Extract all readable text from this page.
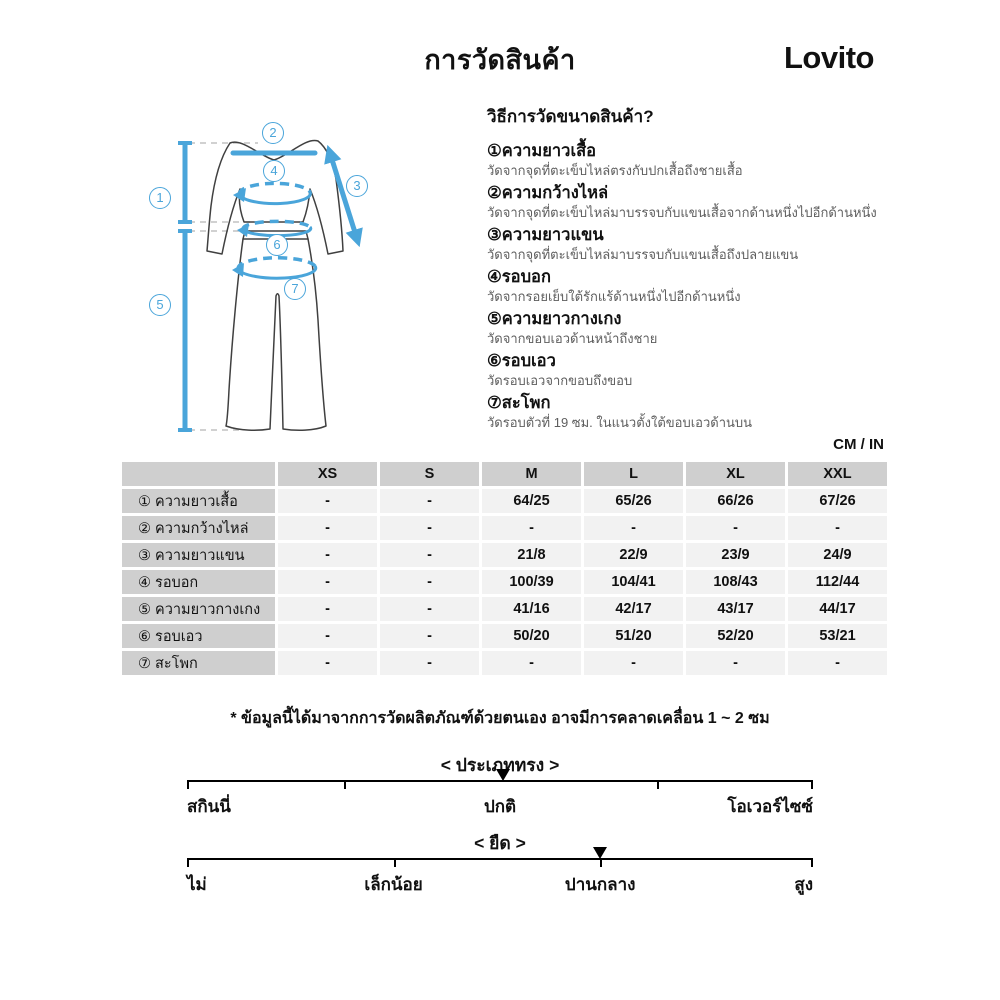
การวัดสินค้า	Lovito
1
2
3
4
5
6
7
วิธีการวัดขนาดสินค้า?
①ความยาวเสื้อ
วัดจากจุดที่ตะเข็บไหล่ตรงกับปกเสื้อถึงชายเสื้อ
②ความกว้างไหล่
วัดจากจุดที่ตะเข็บไหล่มาบรรจบกับแขนเสื้อจากด้านหนึ่งไปอีกด้านหนึ่ง
③ความยาวแขน
วัดจากจุดที่ตะเข็บไหล่มาบรรจบกับแขนเสื้อถึงปลายแขน
④รอบอก
วัดจากรอยเย็บใต้รักแร้ด้านหนึ่งไปอีกด้านหนึ่ง
⑤ความยาวกางเกง
วัดจากขอบเอวด้านหน้าถึงชาย
⑥รอบเอว
วัดรอบเอวจากขอบถึงขอบ
⑦สะโพก
วัดรอบตัวที่ 19 ซม. ในแนวตั้งใต้ขอบเอวด้านบน
CM / IN
	XS	S	M	L	XL	XXL
① ความยาวเสื้อ	-	-	64/25	65/26	66/26	67/26
② ความกว้างไหล่	-	-	-	-	-	-
③ ความยาวแขน	-	-	21/8	22/9	23/9	24/9
④ รอบอก	-	-	100/39	104/41	108/43	112/44
⑤ ความยาวกางเกง	-	-	41/16	42/17	43/17	44/17
⑥ รอบเอว	-	-	50/20	51/20	52/20	53/21
⑦ สะโพก	-	-	-	-	-	-
* ข้อมูลนี้ได้มาจากการวัดผลิตภัณฑ์ด้วยตนเอง อาจมีการคลาดเคลื่อน 1 ~ 2 ซม
< ประเภททรง >
สกินนี่	ปกติ	โอเวอร์ไซซ์
< ยืด >
ไม่	เล็กน้อย	ปานกลาง	สูง
